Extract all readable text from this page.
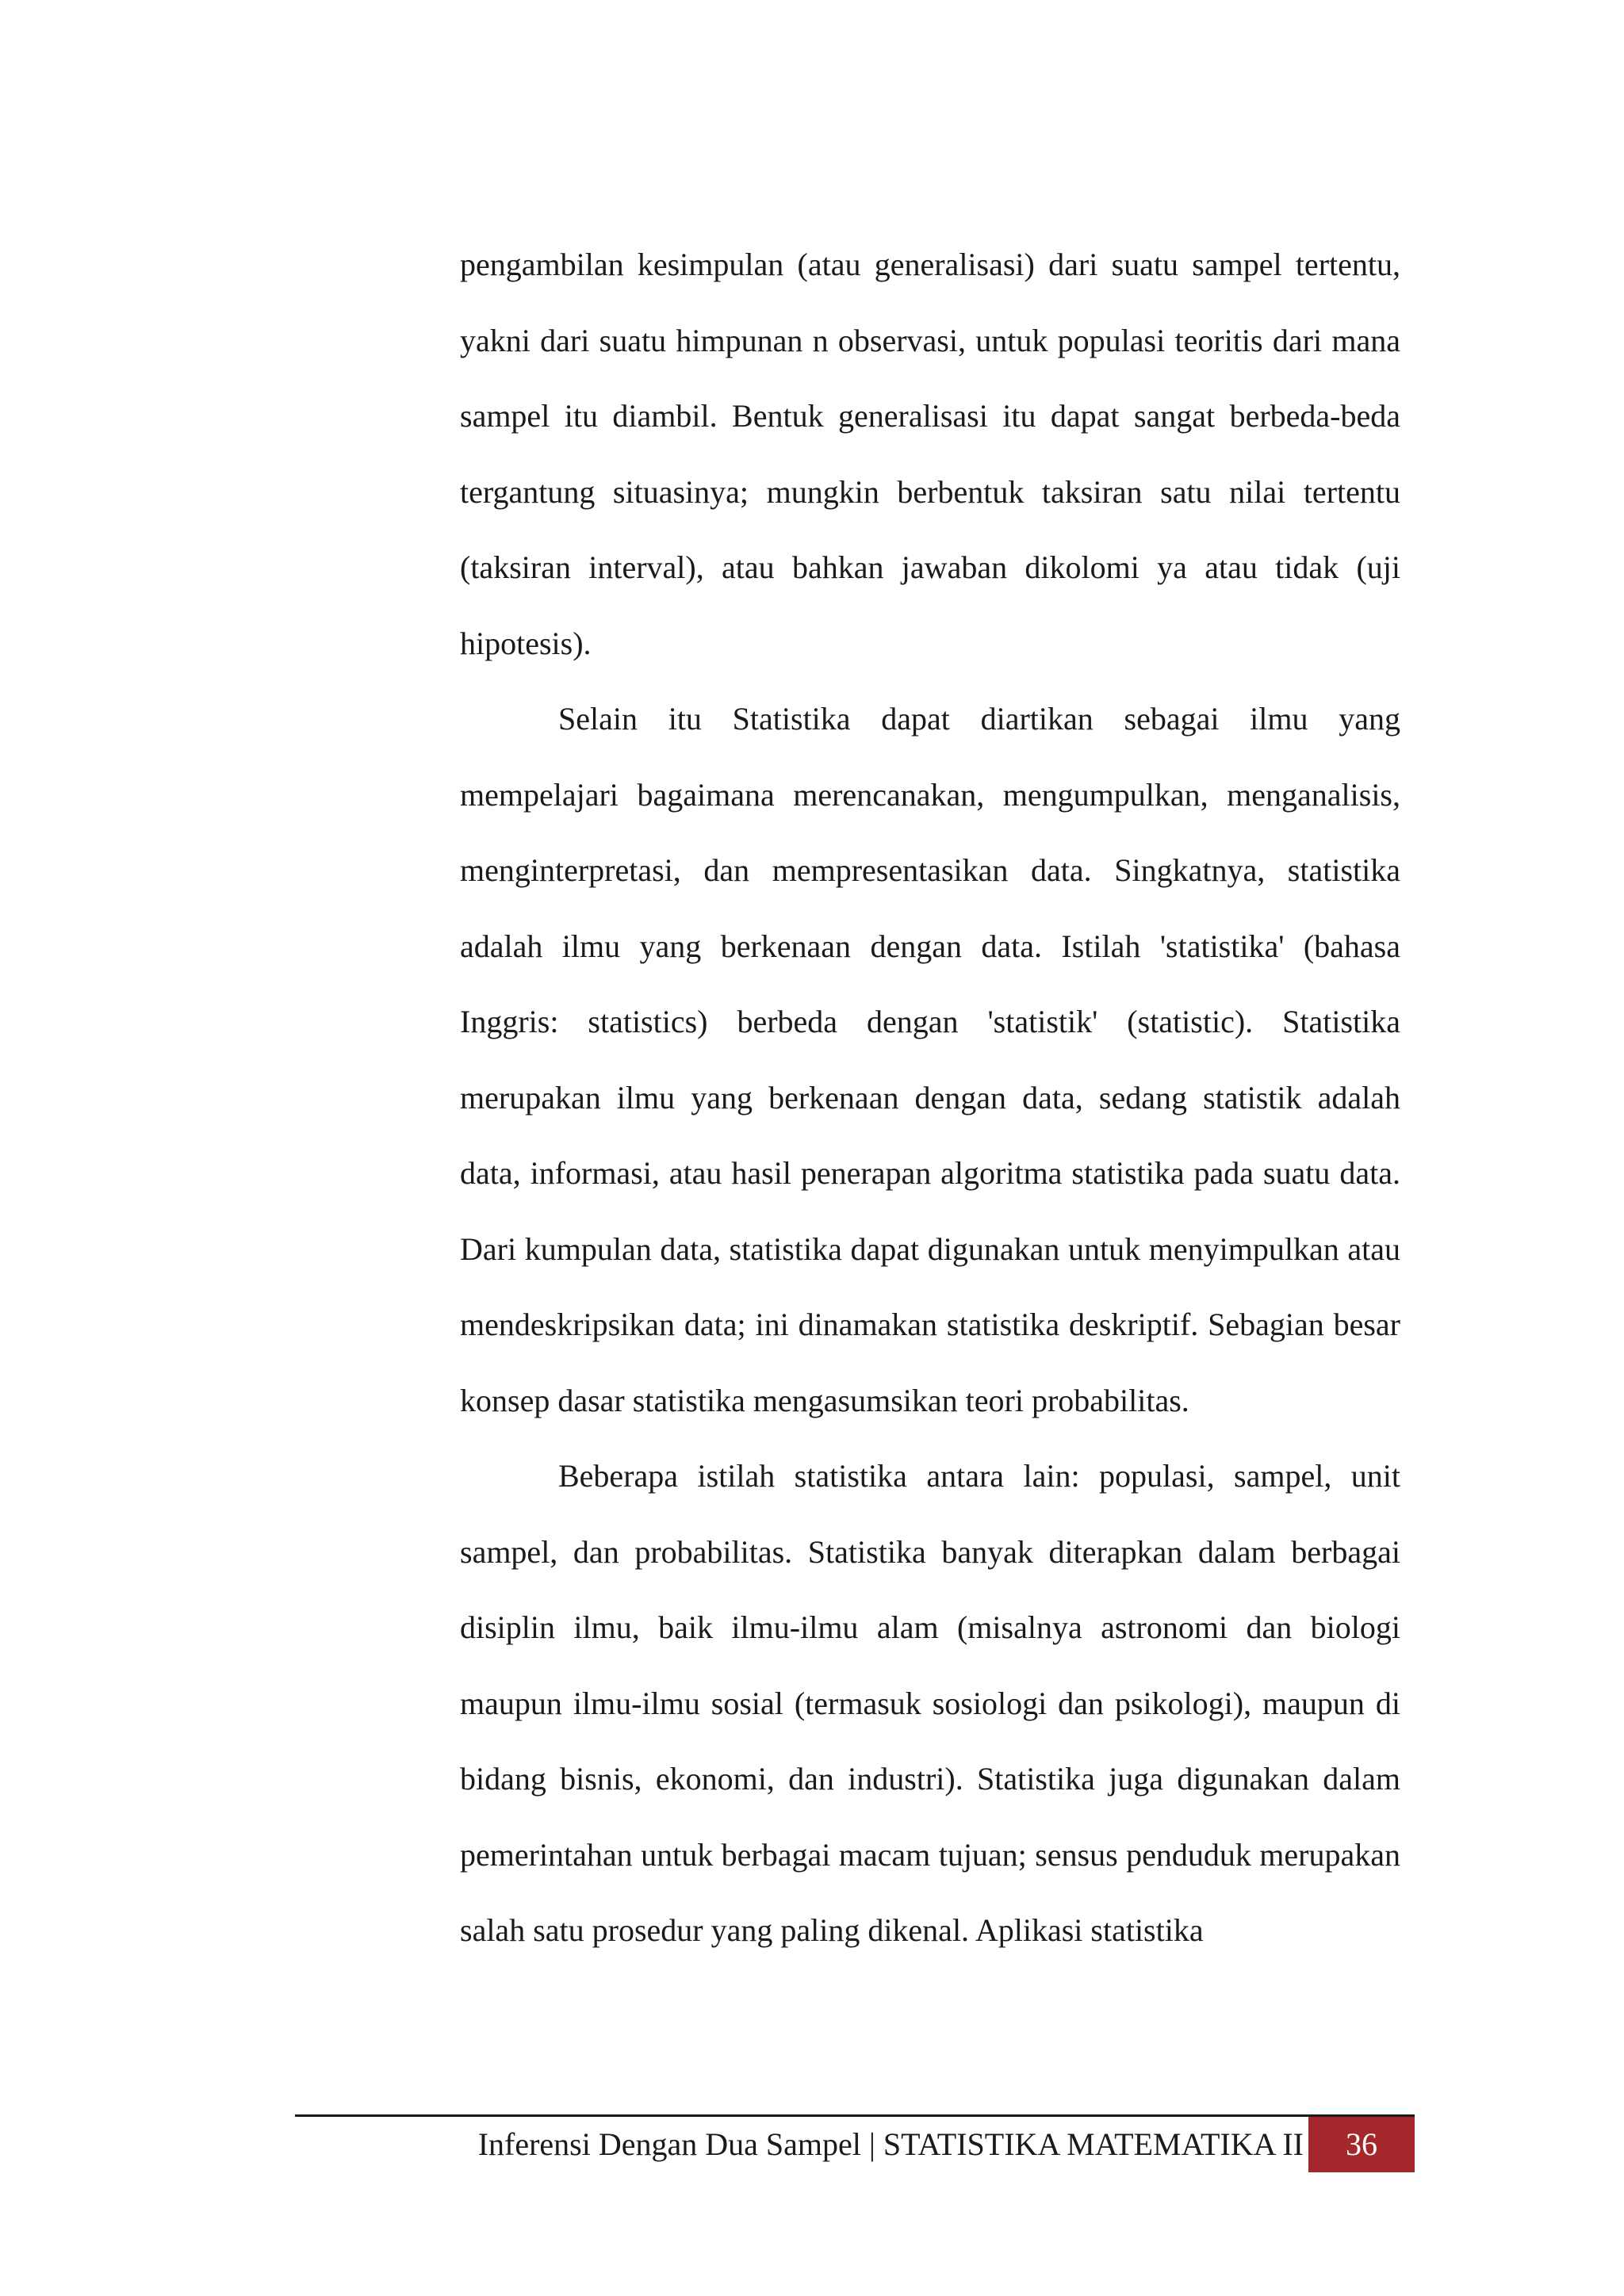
pengambilan kesimpulan (atau generalisasi) dari suatu sampel tertentu, yakni dari suatu himpunan n observasi, untuk populasi teoritis dari mana sampel itu diambil. Bentuk generalisasi itu dapat sangat berbeda-beda tergantung situasinya; mungkin berbentuk taksiran satu nilai tertentu (taksiran interval), atau bahkan jawaban dikolomi ya atau tidak (uji hipotesis).

Selain itu Statistika dapat diartikan sebagai ilmu yang mempelajari bagaimana merencanakan, mengumpulkan, menganalisis, menginterpretasi, dan mempresentasikan data. Singkatnya, statistika adalah ilmu yang berkenaan dengan data. Istilah 'statistika' (bahasa Inggris: statistics) berbeda dengan 'statistik' (statistic). Statistika merupakan ilmu yang berkenaan dengan data, sedang statistik adalah data, informasi, atau hasil penerapan algoritma statistika pada suatu data. Dari kumpulan data, statistika dapat digunakan untuk menyimpulkan atau mendeskripsikan data; ini dinamakan statistika deskriptif. Sebagian besar konsep dasar statistika mengasumsikan teori probabilitas.

Beberapa istilah statistika antara lain: populasi, sampel, unit sampel, dan probabilitas. Statistika banyak diterapkan dalam berbagai disiplin ilmu, baik ilmu-ilmu alam (misalnya astronomi dan biologi maupun ilmu-ilmu sosial (termasuk sosiologi dan psikologi), maupun di bidang bisnis, ekonomi, dan industri). Statistika juga digunakan dalam pemerintahan untuk berbagai macam tujuan; sensus penduduk merupakan salah satu prosedur yang paling dikenal. Aplikasi statistika

Inferensi Dengan Dua Sampel | STATISTIKA MATEMATIKA II	36
